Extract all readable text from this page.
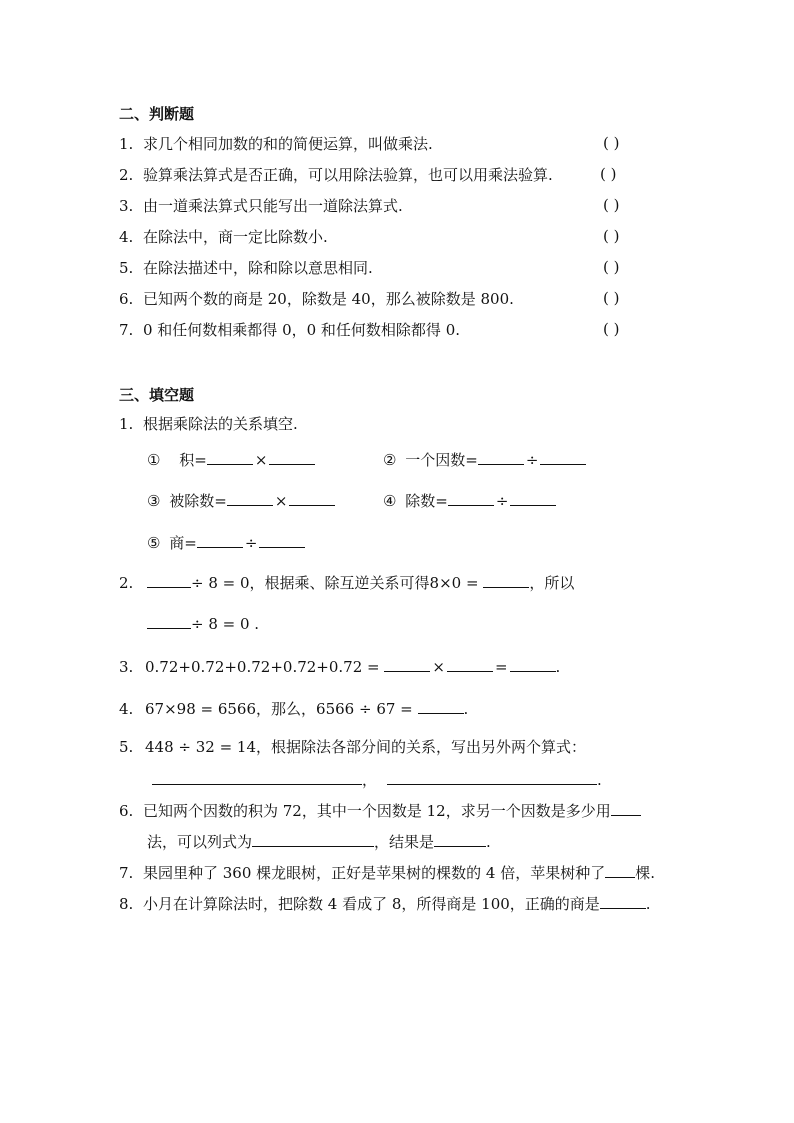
二、判断题
1. 求几个相同加数的和的简便运算，叫做乘法.	( )
2. 验算乘法算式是否正确，可以用除法验算，也可以用乘法验算.	( )
3. 由一道乘法算式只能写出一道除法算式.	( )
4. 在除法中，商一定比除数小.	( )
5. 在除法描述中，除和除以意思相同.	( )
6. 已知两个数的商是 20，除数是 40，那么被除数是 800.	( )
7. 0 和任何数相乘都得 0，0 和任何数相除都得 0.	( )
三、填空题
1. 根据乘除法的关系填空.
① 积=	×	② 一个因数=	÷
③ 被除数=	×	④ 除数=	÷
⑤ 商=	÷
2.	÷ 8 = 0，根据乘、除互逆关系可得8×0 =	，所以
÷ 8 = 0 .
3. 0.72+0.72+0.72+0.72+0.72 =	×	=	.
4. 67×98 = 6566，那么，6566 ÷ 67 =	.
5. 448 ÷ 32 = 14，根据除法各部分间的关系，写出另外两个算式：
，	.
6. 已知两个因数的积为 72，其中一个因数是 12，求另一个因数是多少用
法，可以列式为	，结果是	.
7. 果园里种了 360 棵龙眼树，正好是苹果树的棵数的 4 倍，苹果树种了 棵.
8. 小月在计算除法时，把除数 4 看成了 8，所得商是 100，正确的商是	.
